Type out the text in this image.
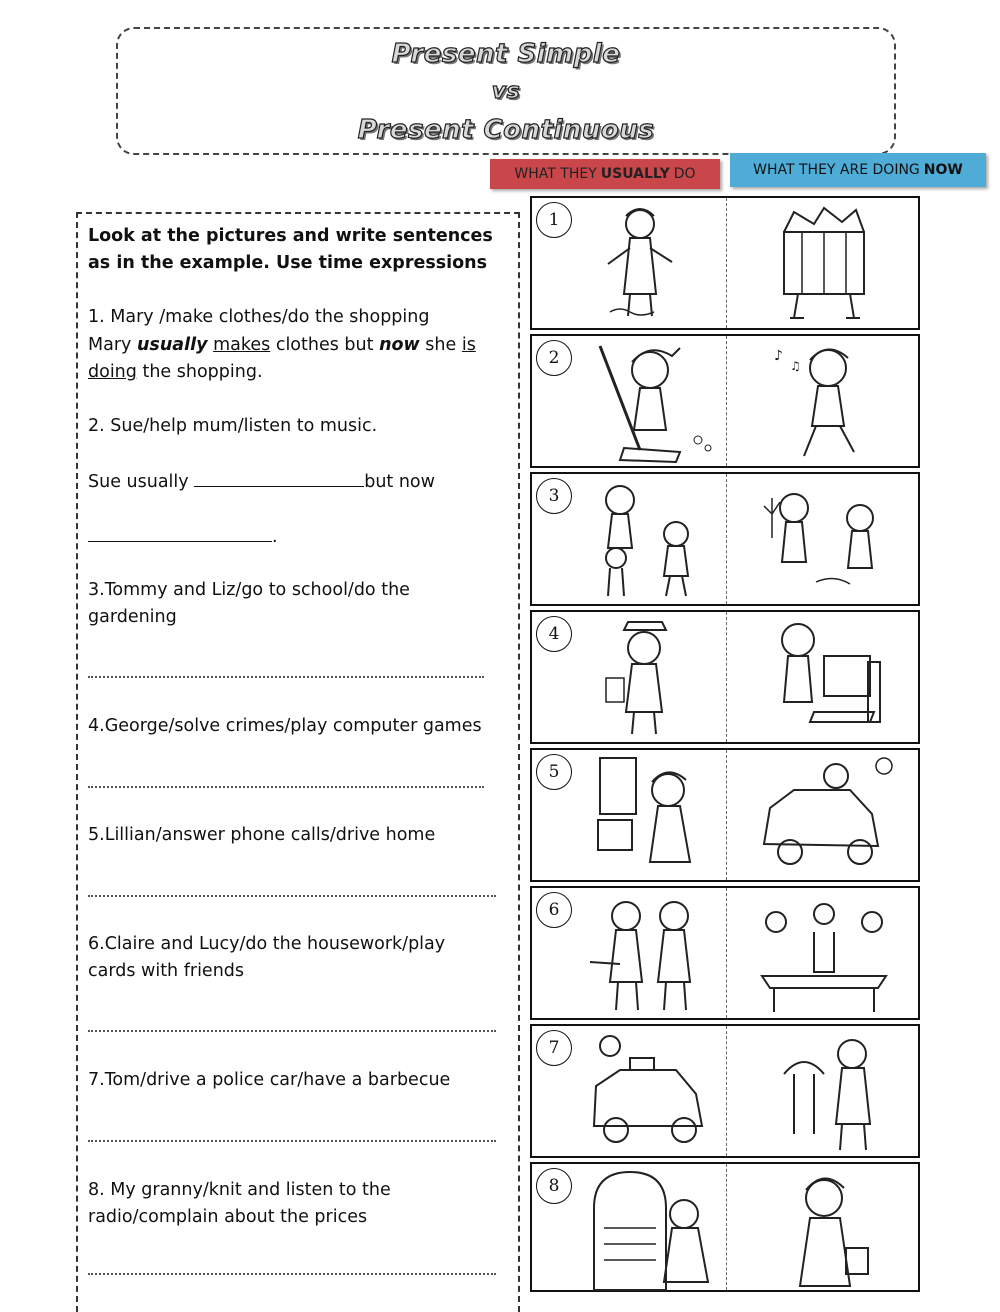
Present Simple
vs
Present Continuous
WHAT THEY USUALLY DO	WHAT THEY ARE DOING NOW
Look at the pictures and write sentences
as in the example. Use time expressions
1. Mary /make clothes/do the shopping
Mary usually makes clothes but now she is
doing the shopping.
2. Sue/help mum/listen to music.
Sue usually	but now
.
3.Tommy and Liz/go to school/do the
gardening
4.George/solve crimes/play computer games
5.Lillian/answer phone calls/drive home
6.Claire and Lucy/do the housework/play
cards with friends
7.Tom/drive a police car/have a barbecue
8. My granny/knit and listen to the
radio/complain about the prices
1
2	♪
♫
3
4
5
6
7
8
